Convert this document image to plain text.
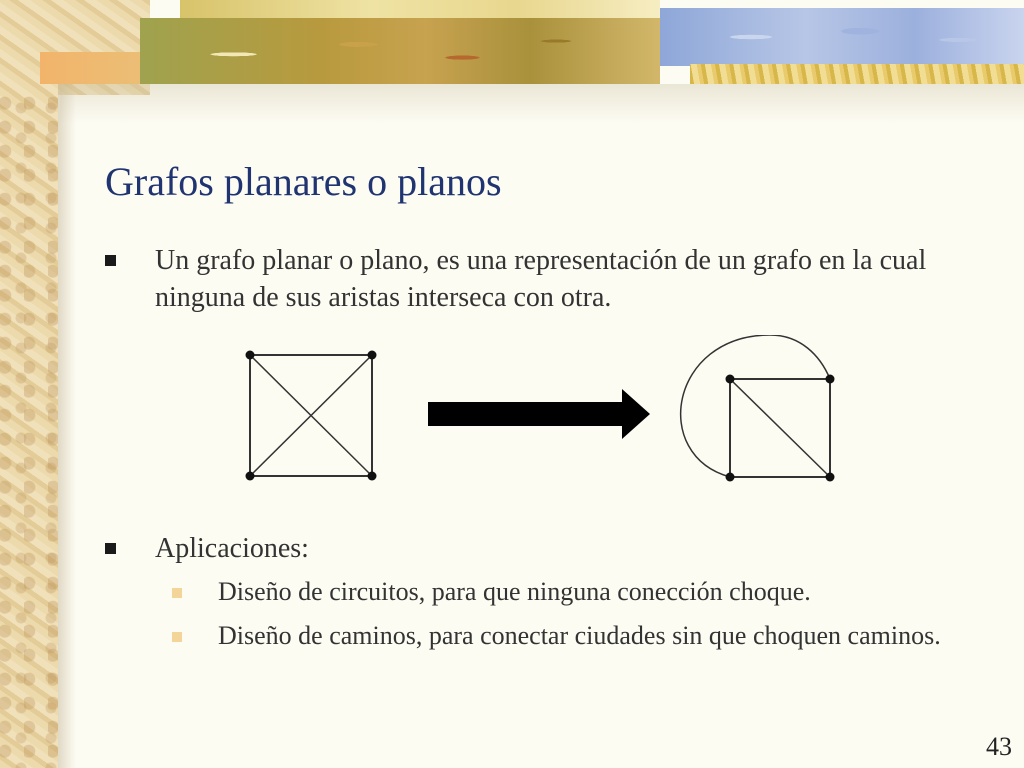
Grafos planares o planos

Un grafo planar o plano, es una representación de un grafo en la cual ninguna de sus aristas interseca con otra.

Aplicaciones:

Diseño de circuitos, para que ninguna conección choque.

Diseño de caminos, para conectar ciudades sin que choquen caminos.

43
